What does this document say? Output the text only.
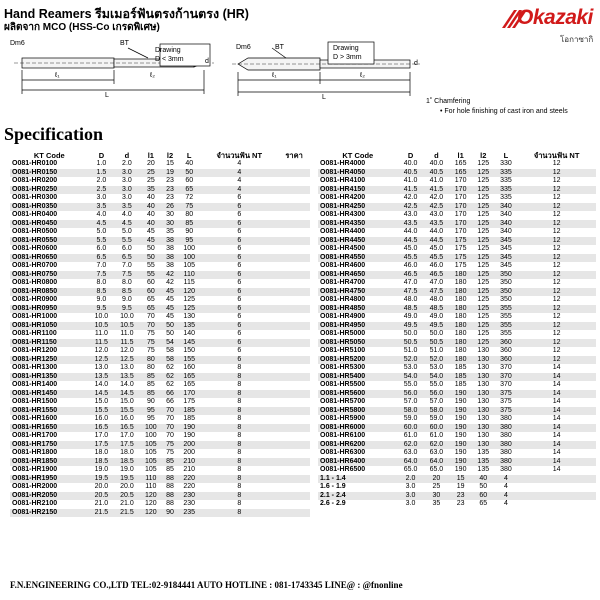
Hand Reamers รีมเมอร์ฟันตรงก้านตรง (HR)
ผลิตจาก MCO (HSS-Co เกรดพิเศษ)	Okazaki
โอกาซากิ
Drawing
D < 3mm
BT
Dm6
d
ℓ₁	ℓ₂
L
Drawing
D > 3mm
BT
Dm6
d
ℓ₁	ℓ₂
L
1˚ Chamfering
• For hole finishing of cast iron and steels
Specification
KT Code	D	d	l1	l2	L	จำนวนฟัน NT	ราคา
O081-HR0100	1.0	2.0	20	15	40	4	
O081-HR0150	1.5	3.0	25	19	50	4	
O081-HR0200	2.0	3.0	25	23	60	4	
O081-HR0250	2.5	3.0	35	23	65	4	
O081-HR0300	3.0	3.0	40	23	72	6	
O081-HR0350	3.5	3.5	40	26	75	6	
O081-HR0400	4.0	4.0	40	30	80	6	
O081-HR0450	4.5	4.5	40	30	85	6	
O081-HR0500	5.0	5.0	45	35	90	6	
O081-HR0550	5.5	5.5	45	38	95	6	
O081-HR0600	6.0	6.0	50	38	100	6	
O081-HR0650	6.5	6.5	50	38	100	6	
O081-HR0700	7.0	7.0	55	38	105	6	
O081-HR0750	7.5	7.5	55	42	110	6	
O081-HR0800	8.0	8.0	60	42	115	6	
O081-HR0850	8.5	8.5	60	45	120	6	
O081-HR0900	9.0	9.0	65	45	125	6	
O081-HR0950	9.5	9.5	65	45	125	6	
O081-HR1000	10.0	10.0	70	45	130	6	
O081-HR1050	10.5	10.5	70	50	135	6	
O081-HR1100	11.0	11.0	75	50	140	6	
O081-HR1150	11.5	11.5	75	54	145	6	
O081-HR1200	12.0	12.0	75	58	150	6	
O081-HR1250	12.5	12.5	80	58	155	6	
O081-HR1300	13.0	13.0	80	62	160	8	
O081-HR1350	13.5	13.5	85	62	165	8	
O081-HR1400	14.0	14.0	85	62	165	8	
O081-HR1450	14.5	14.5	85	66	170	8	
O081-HR1500	15.0	15.0	90	66	175	8	
O081-HR1550	15.5	15.5	95	70	185	8	
O081-HR1600	16.0	16.0	95	70	185	8	
O081-HR1650	16.5	16.5	100	70	190	8	
O081-HR1700	17.0	17.0	100	70	190	8	
O081-HR1750	17.5	17.5	105	75	200	8	
O081-HR1800	18.0	18.0	105	75	200	8	
O081-HR1850	18.5	18.5	105	85	210	8	
O081-HR1900	19.0	19.0	105	85	210	8	
O081-HR1950	19.5	19.5	110	88	220	8	
O081-HR2000	20.0	20.0	110	88	220	8	
O081-HR2050	20.5	20.5	120	88	230	8	
O081-HR2100	21.0	21.0	120	88	230	8	
O081-HR2150	21.5	21.5	120	90	235	8	
KT Code	D	d	l1	l2	L	จำนวนฟัน NT
O081-HR4000	40.0	40.0	165	125	330	12
O081-HR4050	40.5	40.5	165	125	335	12
O081-HR4100	41.0	41.0	170	125	335	12
O081-HR4150	41.5	41.5	170	125	335	12
O081-HR4200	42.0	42.0	170	125	335	12
O081-HR4250	42.5	42.5	170	125	340	12
O081-HR4300	43.0	43.0	170	125	340	12
O081-HR4350	43.5	43.5	170	125	340	12
O081-HR4400	44.0	44.0	170	125	340	12
O081-HR4450	44.5	44.5	175	125	345	12
O081-HR4500	45.0	45.0	175	125	345	12
O081-HR4550	45.5	45.5	175	125	345	12
O081-HR4600	46.0	46.0	175	125	345	12
O081-HR4650	46.5	46.5	180	125	350	12
O081-HR4700	47.0	47.0	180	125	350	12
O081-HR4750	47.5	47.5	180	125	350	12
O081-HR4800	48.0	48.0	180	125	350	12
O081-HR4850	48.5	48.5	180	125	355	12
O081-HR4900	49.0	49.0	180	125	355	12
O081-HR4950	49.5	49.5	180	125	355	12
O081-HR5000	50.0	50.0	180	125	355	12
O081-HR5050	50.5	50.5	180	125	360	12
O081-HR5100	51.0	51.0	180	130	360	12
O081-HR5200	52.0	52.0	180	130	360	12
O081-HR5300	53.0	53.0	185	130	370	14
O081-HR5400	54.0	54.0	185	130	370	14
O081-HR5500	55.0	55.0	185	130	370	14
O081-HR5600	56.0	56.0	190	130	375	14
O081-HR5700	57.0	57.0	190	130	375	14
O081-HR5800	58.0	58.0	190	130	375	14
O081-HR5900	59.0	59.0	190	130	380	14
O081-HR6000	60.0	60.0	190	130	380	14
O081-HR6100	61.0	61.0	190	130	380	14
O081-HR6200	62.0	62.0	190	130	380	14
O081-HR6300	63.0	63.0	190	135	380	14
O081-HR6400	64.0	64.0	190	135	380	14
O081-HR6500	65.0	65.0	190	135	380	14
1.1 - 1.4	2.0	20	15	40	4	
1.6 - 1.9	3.0	25	19	50	4	
2.1 - 2.4	3.0	30	23	60	4	
2.6 - 2.9	3.0	35	23	65	4	
F.N.ENGINEERING CO.,LTD TEL:02-9184441 AUTO HOTLINE : 081-1743345 LINE@ : @fnonline
